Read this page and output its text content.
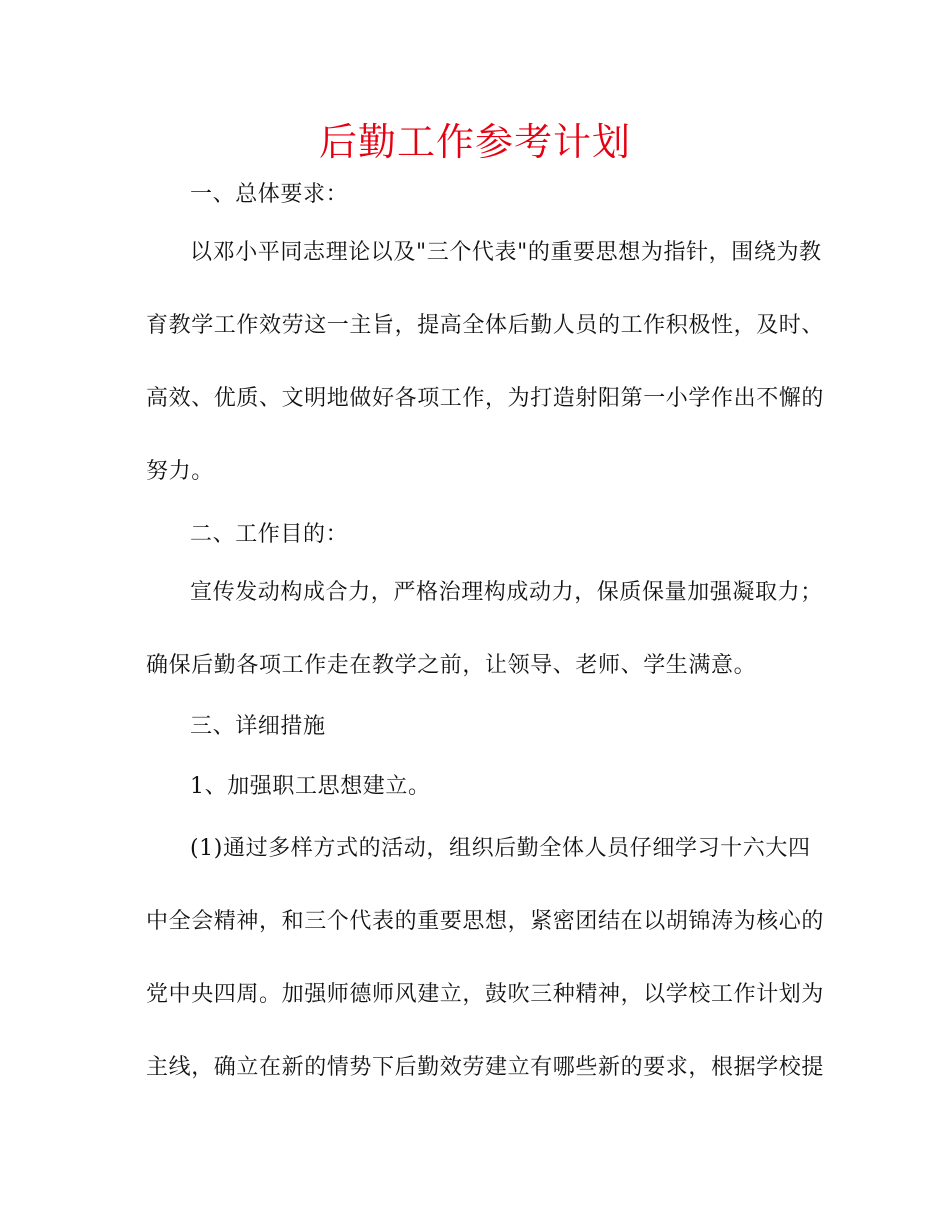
后勤工作参考计划
一、总体要求：
以邓小平同志理论以及"三个代表"的重要思想为指针，围绕为教
育教学工作效劳这一主旨，提高全体后勤人员的工作积极性，及时、
高效、优质、文明地做好各项工作，为打造射阳第一小学作出不懈的
努力。
二、工作目的：
宣传发动构成合力，严格治理构成动力，保质保量加强凝取力；
确保后勤各项工作走在教学之前，让领导、老师、学生满意。
三、详细措施
1、加强职工思想建立。
(1)通过多样方式的活动，组织后勤全体人员仔细学习十六大四
中全会精神，和三个代表的重要思想，紧密团结在以胡锦涛为核心的
党中央四周。加强师德师风建立，鼓吹三种精神，以学校工作计划为
主线，确立在新的情势下后勤效劳建立有哪些新的要求，根据学校提
